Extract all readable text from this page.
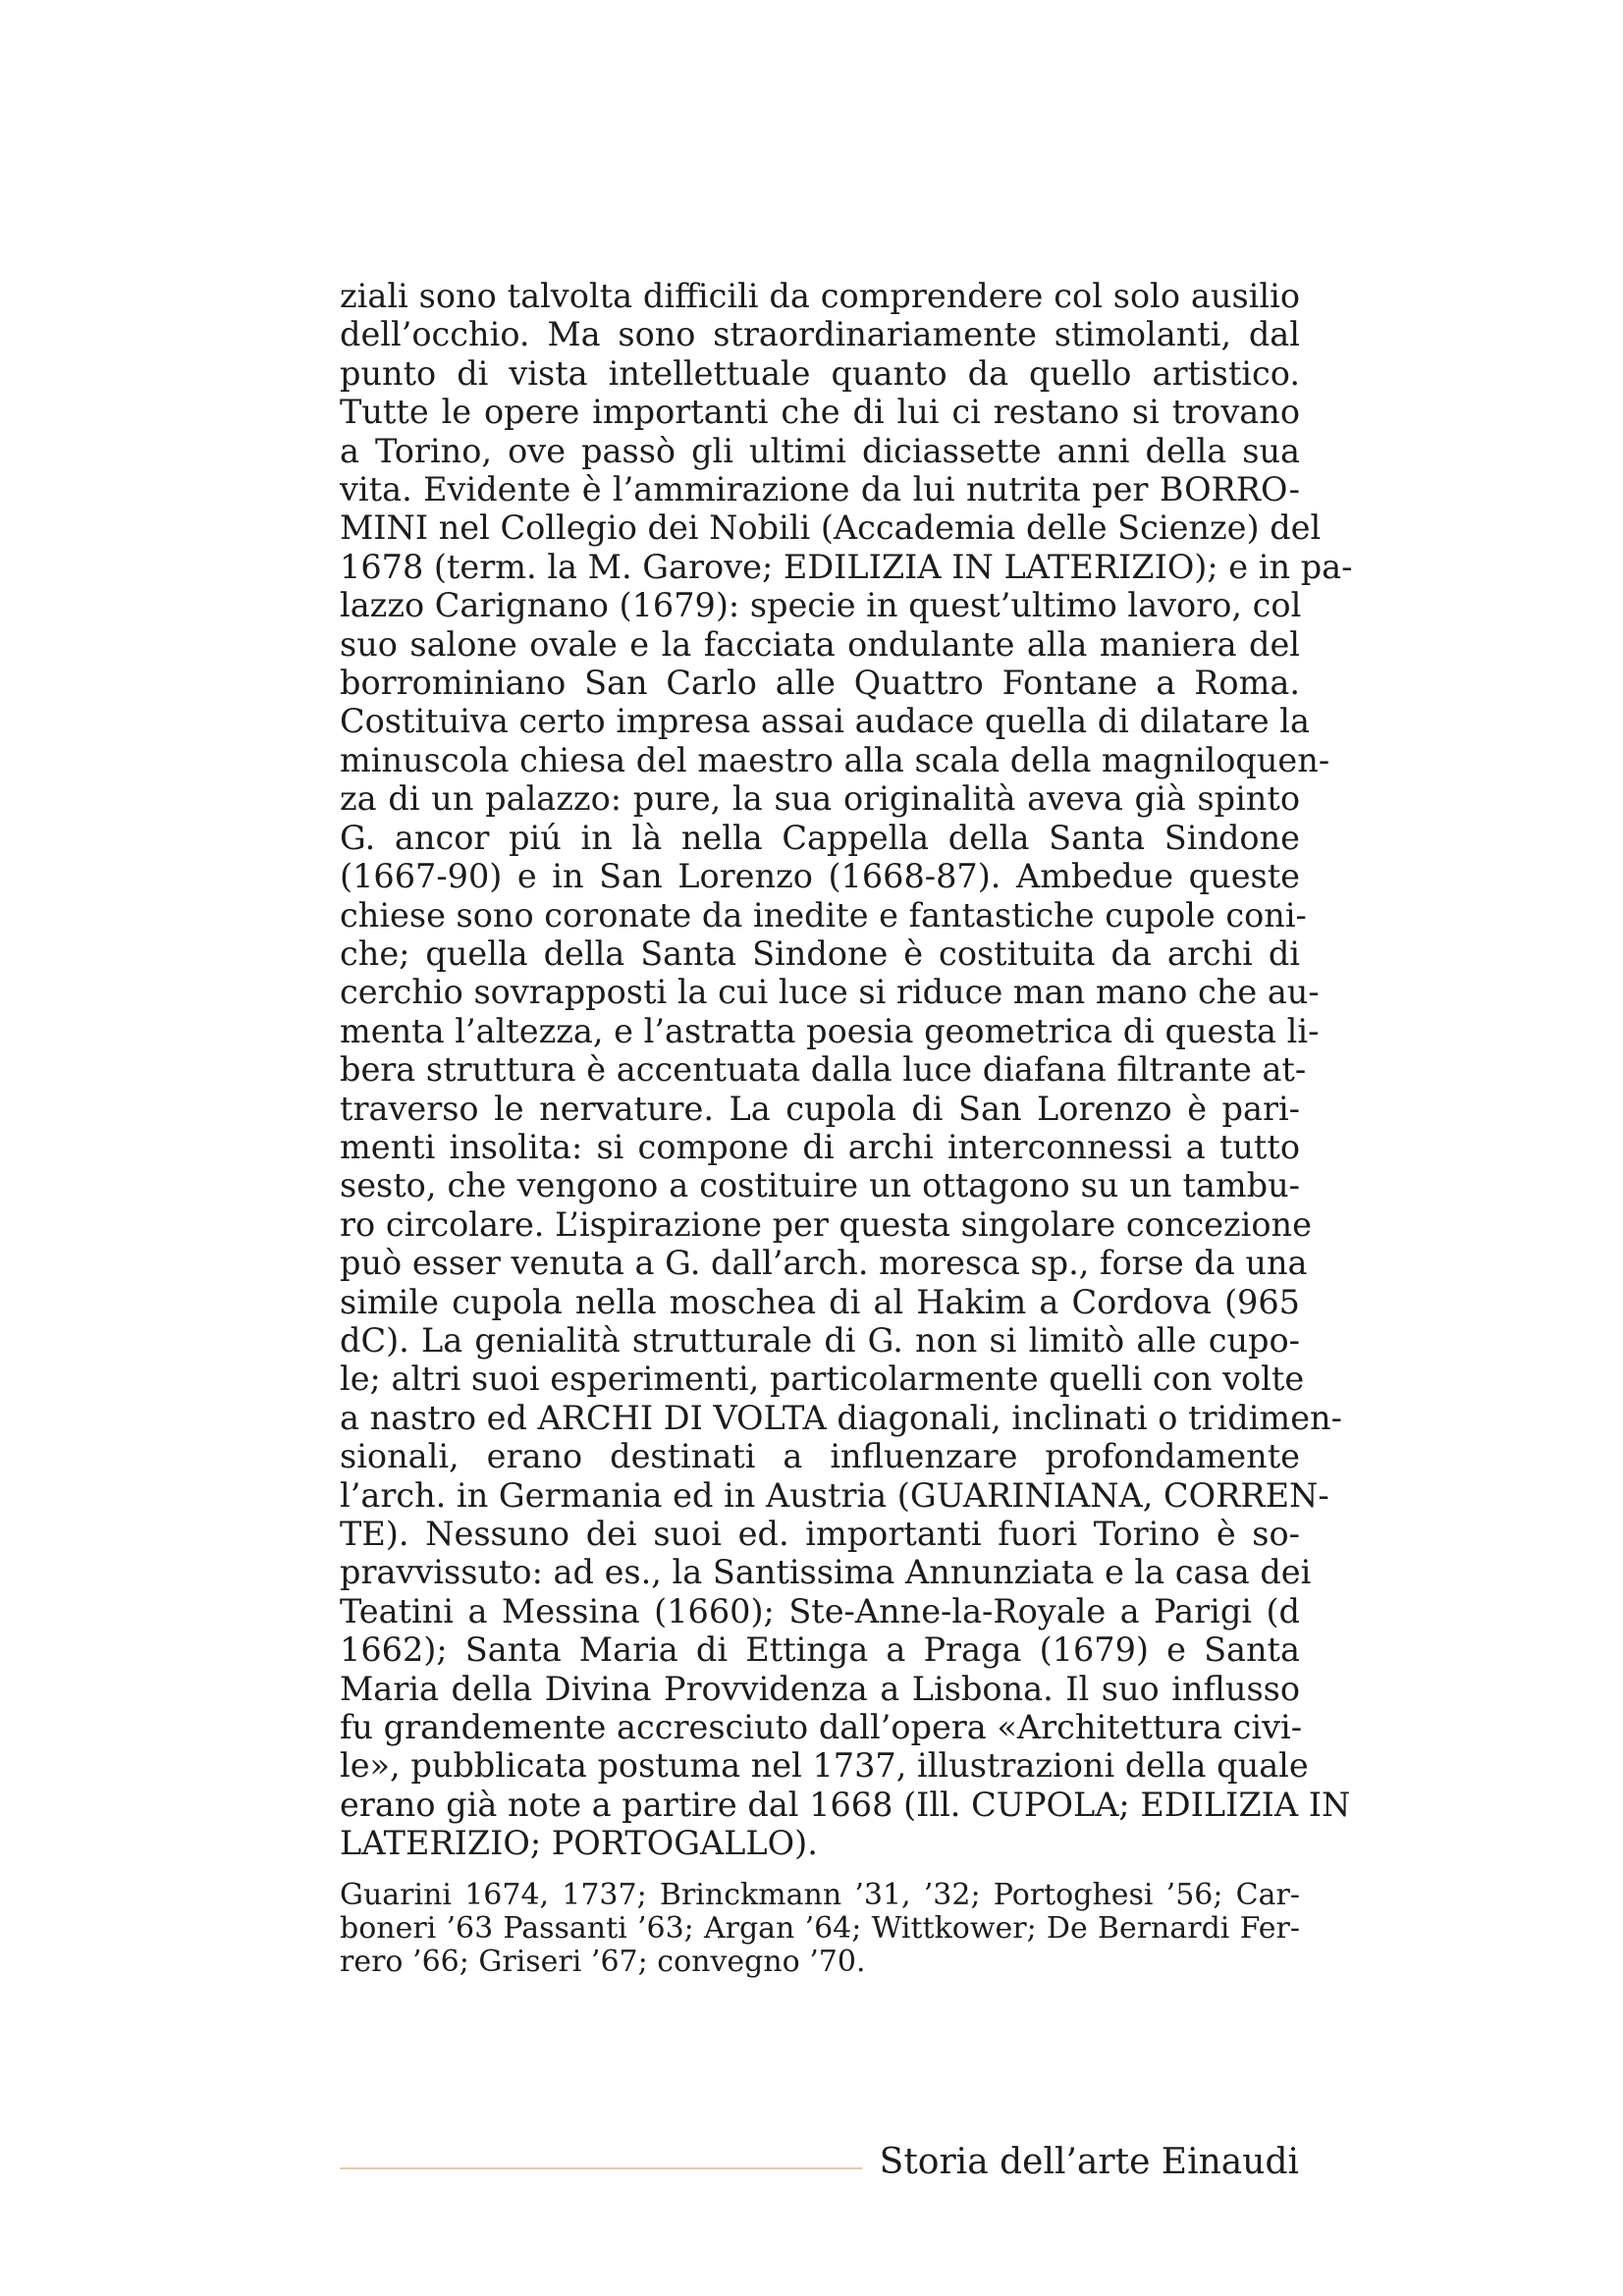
ziali sono talvolta difficili da comprendere col solo ausilio
dell’occhio. Ma sono straordinariamente stimolanti, dal
punto di vista intellettuale quanto da quello artistico.
Tutte le opere importanti che di lui ci restano si trovano
a Torino, ove passò gli ultimi diciassette anni della sua
vita. Evidente è l’ammirazione da lui nutrita per BORRO-
MINI nel Collegio dei Nobili (Accademia delle Scienze) del
1678 (term. la M. Garove; EDILIZIA IN LATERIZIO); e in pa-
lazzo Carignano (1679): specie in quest’ultimo lavoro, col
suo salone ovale e la facciata ondulante alla maniera del
borrominiano San Carlo alle Quattro Fontane a Roma.
Costituiva certo impresa assai audace quella di dilatare la
minuscola chiesa del maestro alla scala della magniloquen-
za di un palazzo: pure, la sua originalità aveva già spinto
G. ancor piú in là nella Cappella della Santa Sindone
(1667-90) e in San Lorenzo (1668-87). Ambedue queste
chiese sono coronate da inedite e fantastiche cupole coni-
che; quella della Santa Sindone è costituita da archi di
cerchio sovrapposti la cui luce si riduce man mano che au-
menta l’altezza, e l’astratta poesia geometrica di questa li-
bera struttura è accentuata dalla luce diafana filtrante at-
traverso le nervature. La cupola di San Lorenzo è pari-
menti insolita: si compone di archi interconnessi a tutto
sesto, che vengono a costituire un ottagono su un tambu-
ro circolare. L’ispirazione per questa singolare concezione
può esser venuta a G. dall’arch. moresca sp., forse da una
simile cupola nella moschea di al Hakim a Cordova (965
dC). La genialità strutturale di G. non si limitò alle cupo-
le; altri suoi esperimenti, particolarmente quelli con volte
a nastro ed ARCHI DI VOLTA diagonali, inclinati o tridimen-
sionali, erano destinati a influenzare profondamente
l’arch. in Germania ed in Austria (GUARINIANA, CORREN-
TE). Nessuno dei suoi ed. importanti fuori Torino è so-
pravvissuto: ad es., la Santissima Annunziata e la casa dei
Teatini a Messina (1660); Ste-Anne-la-Royale a Parigi (d
1662); Santa Maria di Ettinga a Praga (1679) e Santa
Maria della Divina Provvidenza a Lisbona. Il suo influsso
fu grandemente accresciuto dall’opera «Architettura civi-
le», pubblicata postuma nel 1737, illustrazioni della quale
erano già note a partire dal 1668 (Ill. CUPOLA; EDILIZIA IN
LATERIZIO; PORTOGALLO).

Guarini 1674, 1737; Brinckmann ’31, ’32; Portoghesi ’56; Car-
boneri ’63 Passanti ’63; Argan ’64; Wittkower; De Bernardi Fer-
rero ’66; Griseri ’67; convegno ’70.

Storia dell’arte Einaudi
